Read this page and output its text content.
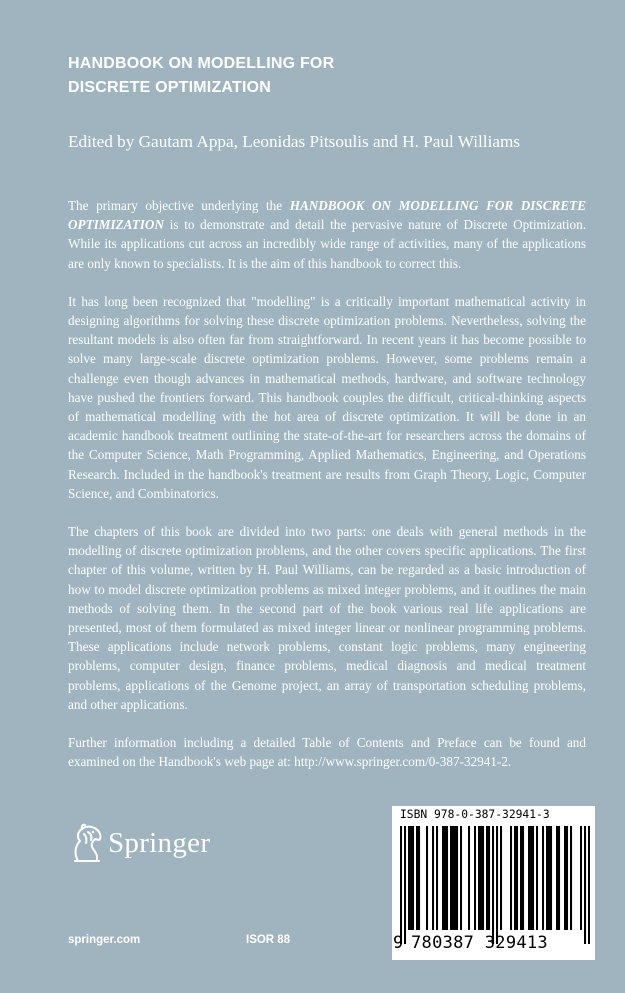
HANDBOOK ON MODELLING FOR
DISCRETE OPTIMIZATION
Edited by Gautam Appa, Leonidas Pitsoulis and H. Paul Williams

The primary objective underlying the HANDBOOK ON MODELLING FOR DISCRETE OPTIMIZATION is to demonstrate and detail the pervasive nature of Discrete Optimization. While its applications cut across an incredibly wide range of activities, many of the applications are only known to specialists. It is the aim of this handbook to correct this.

It has long been recognized that "modelling" is a critically important mathematical activity in designing algorithms for solving these discrete optimization problems. Nevertheless, solving the resultant models is also often far from straightforward. In recent years it has become possible to solve many large-scale discrete optimization problems. However, some problems remain a challenge even though advances in mathematical methods, hardware, and software technology have pushed the frontiers forward. This handbook couples the difficult, critical-thinking aspects of mathematical modelling with the hot area of discrete optimization. It will be done in an academic handbook treatment outlining the state-of-the-art for researchers across the domains of the Computer Science, Math Programming, Applied Mathematics, Engineering, and Operations Research. Included in the handbook's treatment are results from Graph Theory, Logic, Computer Science, and Combinatorics.

The chapters of this book are divided into two parts: one deals with general methods in the modelling of discrete optimization problems, and the other covers specific applications. The first chapter of this volume, written by H. Paul Williams, can be regarded as a basic introduction of how to model discrete optimization problems as mixed integer problems, and it outlines the main methods of solving them. In the second part of the book various real life applications are presented, most of them formulated as mixed integer linear or nonlinear programming problems. These applications include network problems, constant logic problems, many engineering problems, computer design, finance problems, medical diagnosis and medical treatment problems, applications of the Genome project, an array of transportation scheduling problems, and other applications.

Further information including a detailed Table of Contents and Preface can be found and examined on the Handbook's web page at: http://www.springer.com/0-387-32941-2.

Springer
springer.com	ISOR 88
ISBN 978-0-387-32941-3
9 780387 329413
